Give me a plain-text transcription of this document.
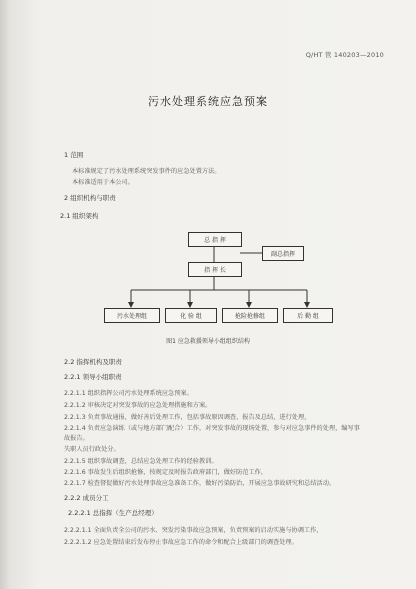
Q/HT 管 140203—2010
污水处理系统应急预案
1 范围
本标准规定了污水处理系统突发事件的应急处置方法。
本标准适用于本公司。
2 组织机构与职责
2.1 组织架构
总 指 挥
副总指挥
指 挥 长
污水处理组	化 验 组	抢险抢修组	后 勤 组
图1 应急救援领导小组组织结构
2.2 指挥机构及职责
2.2.1 领导小组职责
2.2.1.1 组织指挥公司污水处理系统应急预案。
2.2.1.2 审核决定对突发事故的应急处理措施和方案。
2.2.1.3 负责事故通报，做好善后处理工作，包括事故原因调查、报告及总结，进行处理，
2.2.1.4 负责应急演练（或与地方部门配合）工作，对突发事故的现场处置，参与对应急事件的处理，编写事故报告。
失职人员行政处分。
2.2.1.5 组织事故调查，总结应急处理工作的经验教训。
2.2.1.6 事故发生后组织抢修，按规定及时报告政府部门，做好防范工作，
2.2.1.7 检查督促做好污水处理事故应急准备工作，做好污染防治，开展应急事故研究和总结活动。
2.2.2 成员分工
2.2.2.1 总指挥（生产总经理）
2.2.2.1.1 全面负责全公司的污水、突发污染事故应急预案，负责预案的启动实施与协调工作，
2.2.2.1.2 应急处置结束后发布停止事故应急工作的命令和配合上级部门的调查处理。
